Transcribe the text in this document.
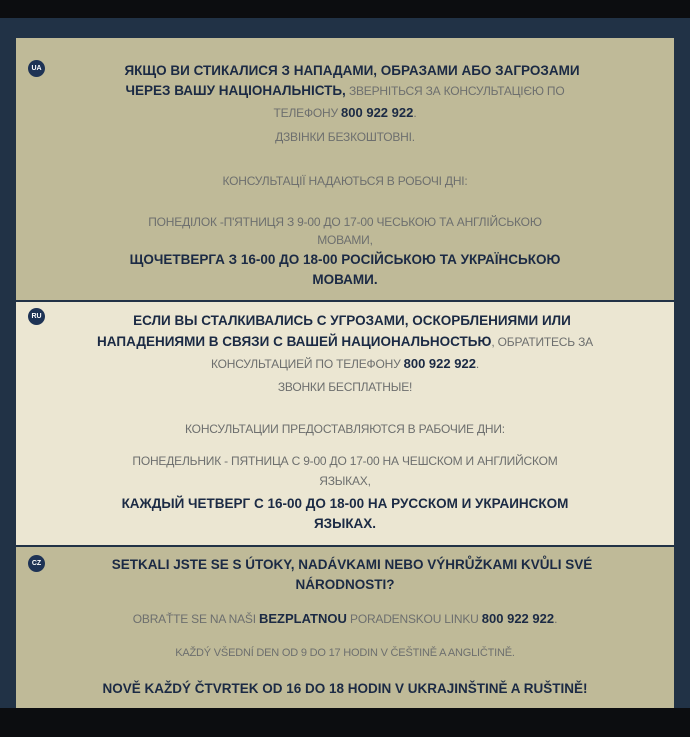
UA	ЯКЩО ВИ СТИКАЛИСЯ З НАПАДАМИ, ОБРАЗАМИ АБО ЗАГРОЗАМИ
ЧЕРЕЗ ВАШУ НАЦІОНАЛЬНІСТЬ, ЗВЕРНІТЬСЯ ЗА КОНСУЛЬТАЦІЄЮ ПО
ТЕЛЕФОНУ 800 922 922.
ДЗВІНКИ БЕЗКОШТОВНІ.
КОНСУЛЬТАЦІЇ НАДАЮТЬСЯ В РОБОЧІ ДНІ:
ПОНЕДІЛОК -П'ЯТНИЦЯ З 9-00 ДО 17-00 ЧЕСЬКОЮ ТА АНГЛІЙСЬКОЮ
МОВАМИ,
ЩОЧЕТВЕРГА З 16-00 ДО 18-00 РОСІЙСЬКОЮ ТА УКРАЇНСЬКОЮ
МОВАМИ.
RU	ЕСЛИ ВЫ СТАЛКИВАЛИСЬ С УГРОЗАМИ, ОСКОРБЛЕНИЯМИ ИЛИ
НАПАДЕНИЯМИ В СВЯЗИ С ВАШЕЙ НАЦИОНАЛЬНОСТЬЮ, ОБРАТИТЕСЬ ЗА
КОНСУЛЬТАЦИЕЙ ПО ТЕЛЕФОНУ 800 922 922.
ЗВОНКИ БЕСПЛАТНЫЕ!
КОНСУЛЬТАЦИИ ПРЕДОСТАВЛЯЮТСЯ В РАБОЧИЕ ДНИ:
ПОНЕДЕЛЬНИК - ПЯТНИЦА С 9-00 ДО 17-00 НА ЧЕШСКОМ И АНГЛИЙСКОМ
ЯЗЫКАХ,
КАЖДЫЙ ЧЕТВЕРГ С 16-00 ДО 18-00 НА РУССКОМ И УКРАИНСКОМ
ЯЗЫКАХ.
CZ	SETKALI JSTE SE S ÚTOKY, NADÁVKAMI NEBO VÝHRŮŽKAMI KVŮLI SVÉ
NÁRODNOSTI?
OBRAŤTE SE NA NAŠI BEZPLATNOU PORADENSKOU LINKU 800 922 922.
KAŽDÝ VŠEDNÍ DEN OD 9 DO 17 HODIN V ČEŠTINĚ A ANGLIČTINĚ.
NOVĚ KAŽDÝ ČTVRTEK OD 16 DO 18 HODIN V UKRAJINŠTINĚ A RUŠTINĚ!
